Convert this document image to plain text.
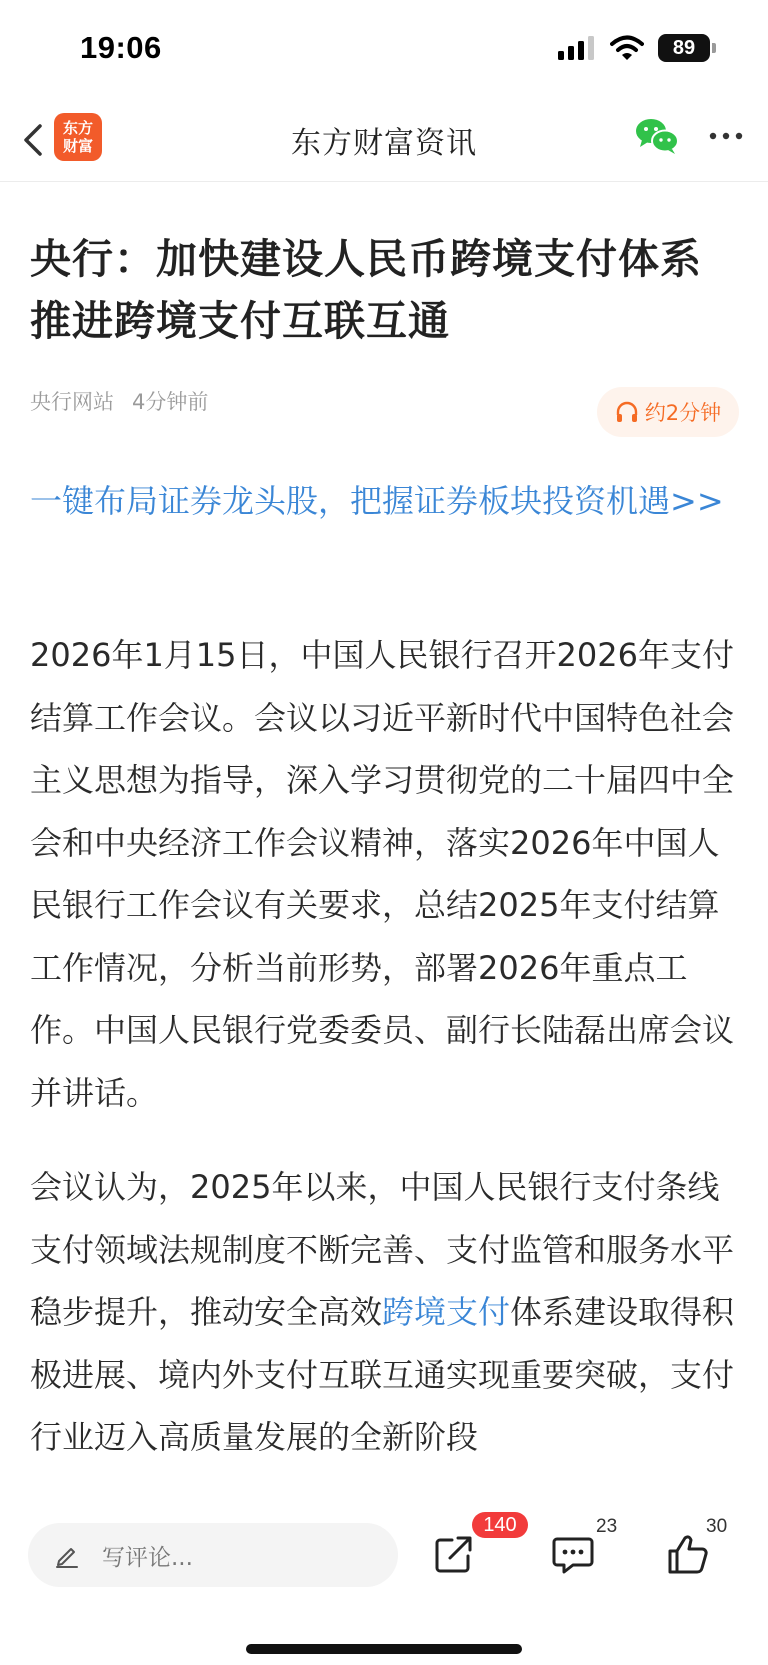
19:06	89
东方财富	东方财富资讯
央行：加快建设人民币跨境支付体系 推进跨境支付互联互通
央行网站 4分钟前	约2分钟
一键布局证券龙头股，把握证券板块投资机遇>>

2026年1月15日，中国人民银行召开2026年支付结算工作会议。会议以习近平新时代中国特色社会主义思想为指导，深入学习贯彻党的二十届四中全会和中央经济工作会议精神，落实2026年中国人民银行工作会议有关要求，总结2025年支付结算工作情况，分析当前形势，部署2026年重点工作。中国人民银行党委委员、副行长陆磊出席会议并讲话。

会议认为，2025年以来，中国人民银行支付条线支付领域法规制度不断完善、支付监管和服务水平稳步提升，推动安全高效跨境支付体系建设取得积极进展、境内外支付互联互通实现重要突破，支付行业迈入高质量发展的全新阶段

写评论...
140	23	30
